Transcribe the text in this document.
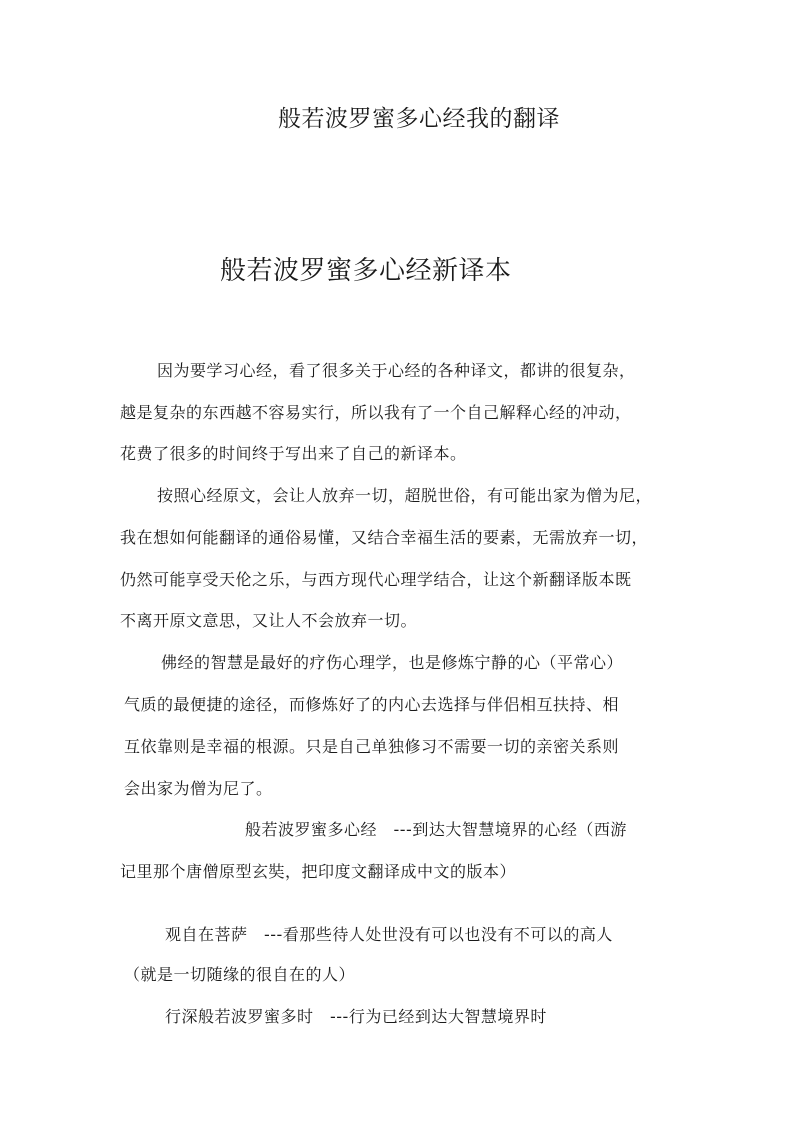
般若波罗蜜多心经我的翻译
般若波罗蜜多心经新译本
因为要学习心经，看了很多关于心经的各种译文，都讲的很复杂，
越是复杂的东西越不容易实行，所以我有了一个自己解释心经的冲动，
花费了很多的时间终于写出来了自己的新译本。
按照心经原文，会让人放弃一切，超脱世俗，有可能出家为僧为尼，
我在想如何能翻译的通俗易懂，又结合幸福生活的要素，无需放弃一切，
仍然可能享受天伦之乐，与西方现代心理学结合，让这个新翻译版本既
不离开原文意思，又让人不会放弃一切。
佛经的智慧是最好的疗伤心理学，也是修炼宁静的心（平常心）
气质的最便捷的途径，而修炼好了的内心去选择与伴侣相互扶持、相
互依靠则是幸福的根源。只是自己单独修习不需要一切的亲密关系则
会出家为僧为尼了。
般若波罗蜜多心经　---到达大智慧境界的心经（西游
记里那个唐僧原型玄奘，把印度文翻译成中文的版本）
观自在菩萨　---看那些待人处世没有可以也没有不可以的高人
（就是一切随缘的很自在的人）
行深般若波罗蜜多时　---行为已经到达大智慧境界时
